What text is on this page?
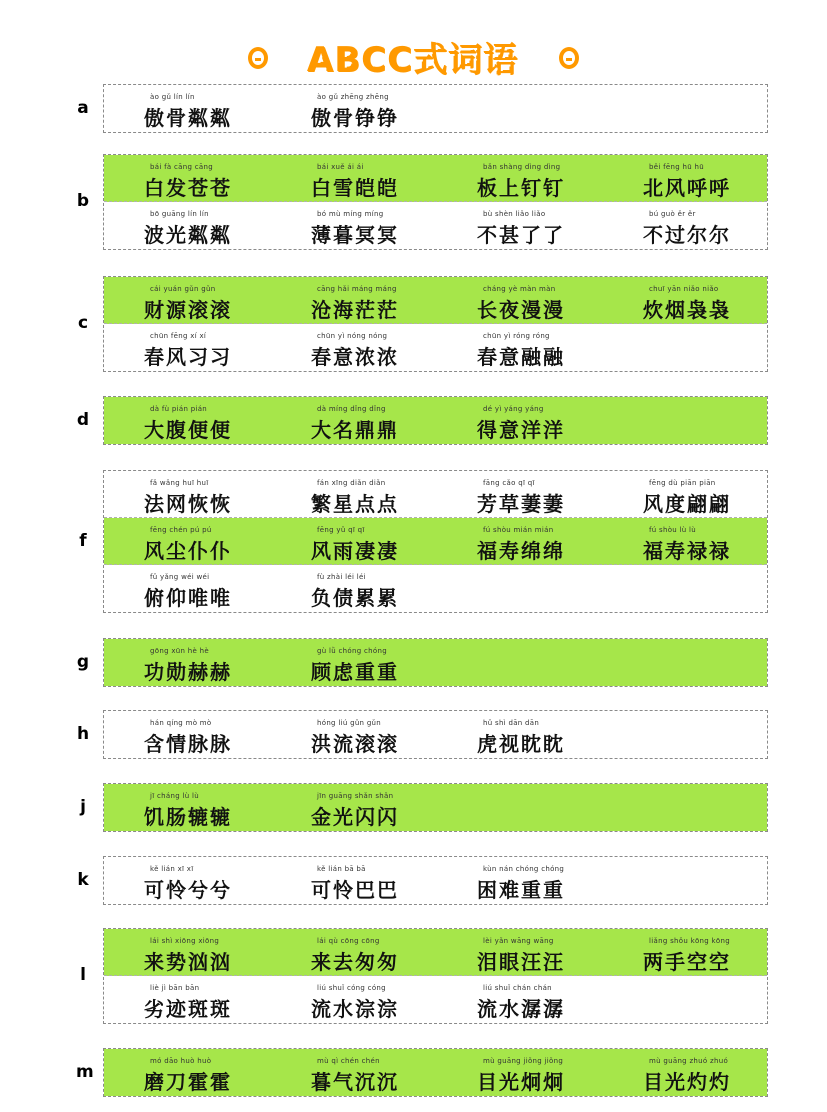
ABCC式词语
a
ào gǔ lín lín
傲骨粼粼
ào gǔ zhēng zhēng
傲骨铮铮
b
bái fà cāng cāng
白发苍苍
bái xuě ái ái
白雪皑皑
bǎn shàng dìng dìng
板上钉钉
běi fēng hū hū
北风呼呼
bō guāng lín lín
波光粼粼
bó mù míng míng
薄暮冥冥
bù shèn liǎo liǎo
不甚了了
bú guò ěr ěr
不过尔尔
c
cái yuán gǔn gǔn
财源滚滚
cāng hǎi máng máng
沧海茫茫
cháng yè màn màn
长夜漫漫
chuī yān niǎo niǎo
炊烟袅袅
chūn fēng xí xí
春风习习
chūn yì nóng nóng
春意浓浓
chūn yì róng róng
春意融融
d
dà fù pián pián
大腹便便
dà míng dǐng dǐng
大名鼎鼎
dé yì yáng yáng
得意洋洋
f
fǎ wǎng huī huī
法网恢恢
fán xīng diǎn diǎn
繁星点点
fāng cǎo qī qī
芳草萋萋
fēng dù piān piān
风度翩翩
fēng chén pú pú
风尘仆仆
fēng yǔ qī qī
风雨凄凄
fú shòu mián mián
福寿绵绵
fú shòu lù lù
福寿禄禄
fǔ yǎng wéi wéi
俯仰唯唯
fù zhài léi léi
负债累累
g
gōng xūn hè hè
功勋赫赫
gù lǜ chóng chóng
顾虑重重
h
hán qíng mò mò
含情脉脉
hóng liú gǔn gǔn
洪流滚滚
hǔ shì dān dān
虎视眈眈
j
jī cháng lù lù
饥肠辘辘
jīn guāng shǎn shǎn
金光闪闪
k
kě lián xī xī
可怜兮兮
kě lián bā bā
可怜巴巴
kùn nán chóng chóng
困难重重
l
lái shì xiōng xiōng
来势汹汹
lái qù cōng cōng
来去匆匆
lèi yǎn wāng wāng
泪眼汪汪
liǎng shǒu kōng kōng
两手空空
liè jì bān bān
劣迹斑斑
liú shuǐ cóng cóng
流水淙淙
liú shuǐ chán chán
流水潺潺
m
mó dāo huò huò
磨刀霍霍
mù qì chén chén
暮气沉沉
mù guāng jiǒng jiǒng
目光炯炯
mù guāng zhuó zhuó
目光灼灼
